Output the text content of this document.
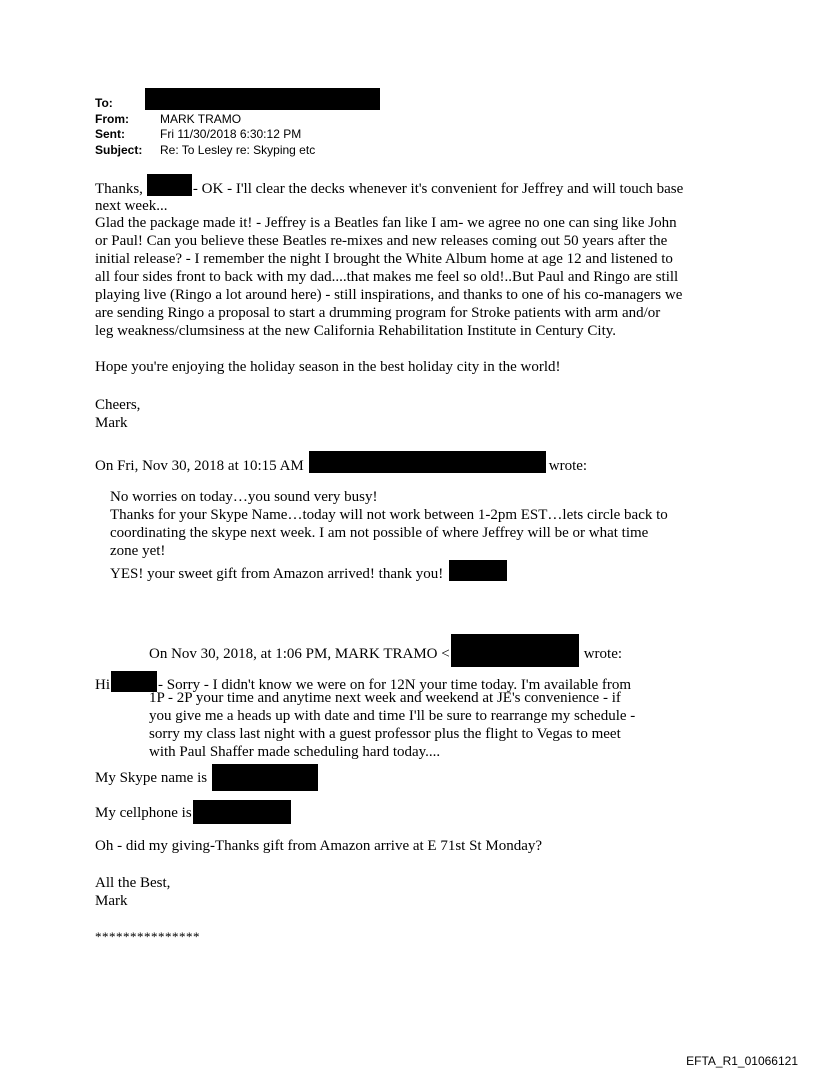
To:
From:	MARK TRAMO
Sent:	Fri 11/30/2018 6:30:12 PM
Subject:	Re: To Lesley re: Skyping etc
Thanks,	- OK - I'll clear the decks whenever it's convenient for Jeffrey and will touch base
next week...
Glad the package made it! - Jeffrey is a Beatles fan like I am- we agree no one can sing like John
or Paul! Can you believe these Beatles re-mixes and new releases coming out 50 years after the
initial release? - I remember the night I brought the White Album home at age 12 and listened to
all four sides front to back with my dad....that makes me feel so old!..But Paul and Ringo are still
playing live (Ringo a lot around here) - still inspirations, and thanks to one of his co-managers we
are sending Ringo a proposal to start a drumming program for Stroke patients with arm and/or
leg weakness/clumsiness at the new California Rehabilitation Institute in Century City.
Hope you're enjoying the holiday season in the best holiday city in the world!
Cheers,
Mark
On Fri, Nov 30, 2018 at 10:15 AM	wrote:
No worries on today…you sound very busy!
Thanks for your Skype Name…today will not work between 1-2pm EST…lets circle back to
coordinating the skype next week. I am not possible of where Jeffrey will be or what time
zone yet!
YES! your sweet gift from Amazon arrived! thank you!
On Nov 30, 2018, at 1:06 PM, MARK TRAMO <	wrote:
Hi	- Sorry - I didn't know we were on for 12N your time today. I'm available from
1P - 2P your time and anytime next week and weekend at JE's convenience - if
you give me a heads up with date and time I'll be sure to rearrange my schedule -
sorry my class last night with a guest professor plus the flight to Vegas to meet
with Paul Shaffer made scheduling hard today....
My Skype name is
My cellphone is
Oh - did my giving-Thanks gift from Amazon arrive at E 71st St Monday?
All the Best,
Mark
***************
EFTA_R1_01066121
